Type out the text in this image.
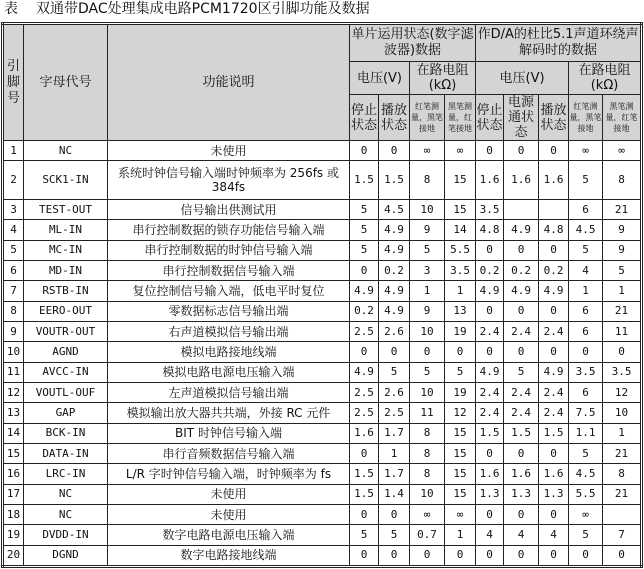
表 双通带DAC处理集成电路PCM1720区引脚功能及数据
引脚号	字母代号	功能说明	单片运用状态(数字滤波器)数据				作D/A的杜比5.1声道环绕声解码时的数据				
			电压(V)		在路电阻(kΩ)		电压(V)			在路电阻(kΩ)	
			停止状态	播放状态	红笔测量，黑笔接地	黑笔测量，红笔接地	停止状态	电源通状态	播放状态	红笔测量，黑笔接地	黑笔测量，红笔接地
1	NC	未使用	0	0	∞	∞	0	0	0	∞	∞
2	SCK1-IN	系统时钟信号输入端时钟频率为 256fs 或 384fs	1.5	1.5	8	15	1.6	1.6	1.6	5	8
3	TEST-OUT	信号输出供测试用	5	4.5	10	15	3.5			6	21
4	ML-IN	串行控制数据的锁存功能信号输入端	5	4.9	9	14	4.8	4.9	4.8	4.5	9
5	MC-IN	串行控制数据的时钟信号输入端	5	4.9	5	5.5	0	0	0	5	9
6	MD-IN	串行控制数据信号输入端	0	0.2	3	3.5	0.2	0.2	0.2	4	5
7	RSTB-IN	复位控制信号输入端，低电平时复位	4.9	4.9	1	1	4.9	4.9	4.9	1	1
8	EERO-OUT	零数据标志信号输出端	0.2	4.9	9	13	0	0	0	6	21
9	VOUTR-OUT	右声道模拟信号输出端	2.5	2.6	10	19	2.4	2.4	2.4	6	11
10	AGND	模拟电路接地线端	0	0	0	0	0	0	0	0	0
11	AVCC-IN	模拟电路电源电压输入端	4.9	5	5	5	4.9	5	4.9	3.5	3.5
12	VOUTL-OUF	左声道模拟信号输出端	2.5	2.6	10	19	2.4	2.4	2.4	6	12
13	GAP	模拟输出放大器共共端，外接 RC 元件	2.5	2.5	11	12	2.4	2.4	2.4	7.5	10
14	BCK-IN	BIT 时钟信号输入端	1.6	1.7	8	15	1.5	1.5	1.5	1.1	1
15	DATA-IN	串行音频数据信号输入端	0	1	8	15	0	0	0	5	21
16	LRC-IN	L/R 字时钟信号输入端，时钟频率为 fs	1.5	1.7	8	15	1.6	1.6	1.6	4.5	8
17	NC	未使用	1.5	1.4	10	15	1.3	1.3	1.3	5.5	21
18	NC	未使用	0	0	∞	∞	0	0	0	∞	
19	DVDD-IN	数字电路电源电压输入端	5	5	0.7	1	4	4	4	5	7
20	DGND	数字电路接地线端	0	0	0	0	0	0	0	0	0
